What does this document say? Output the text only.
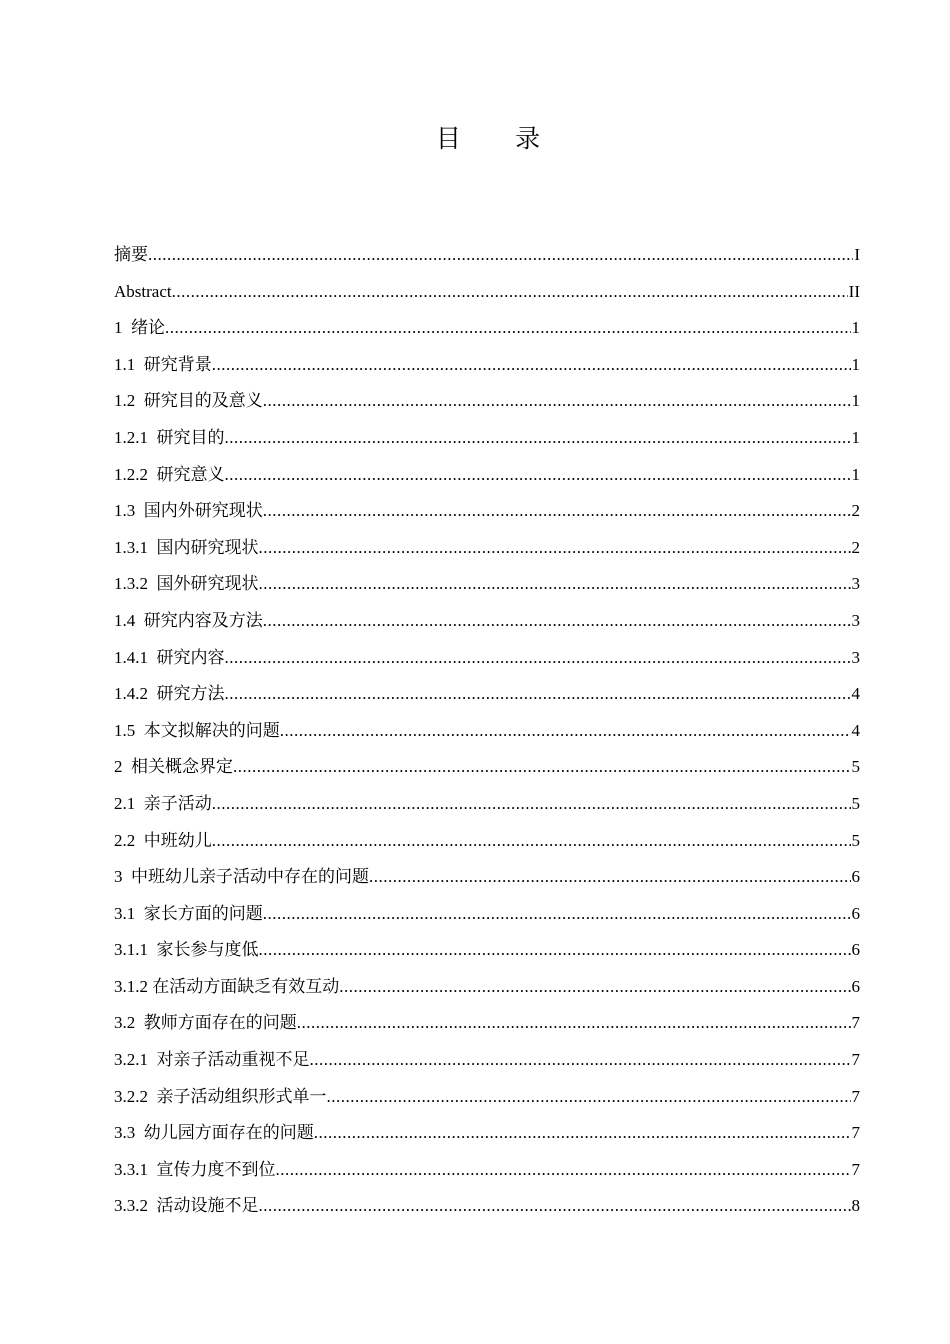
目 录
摘要 .....	I
Abstract .....	II
1  绪论 .....	1
1.1  研究背景 .....	1
1.2  研究目的及意义 .....	1
1.2.1  研究目的 .....	1
1.2.2  研究意义 .....	1
1.3  国内外研究现状 .....	2
1.3.1  国内研究现状 .....	2
1.3.2  国外研究现状 .....	3
1.4  研究内容及方法 .....	3
1.4.1  研究内容 .....	3
1.4.2  研究方法 .....	4
1.5  本文拟解决的问题 .....	4
2  相关概念界定 .....	5
2.1  亲子活动 .....	5
2.2  中班幼儿 .....	5
3  中班幼儿亲子活动中存在的问题 .....	6
3.1  家长方面的问题 .....	6
3.1.1  家长参与度低 .....	6
3.1.2 在活动方面缺乏有效互动 .....	6
3.2  教师方面存在的问题 .....	7
3.2.1  对亲子活动重视不足 .....	7
3.2.2  亲子活动组织形式单一 .....	7
3.3  幼儿园方面存在的问题 .....	7
3.3.1  宣传力度不到位 .....	7
3.3.2  活动设施不足 .....	8
